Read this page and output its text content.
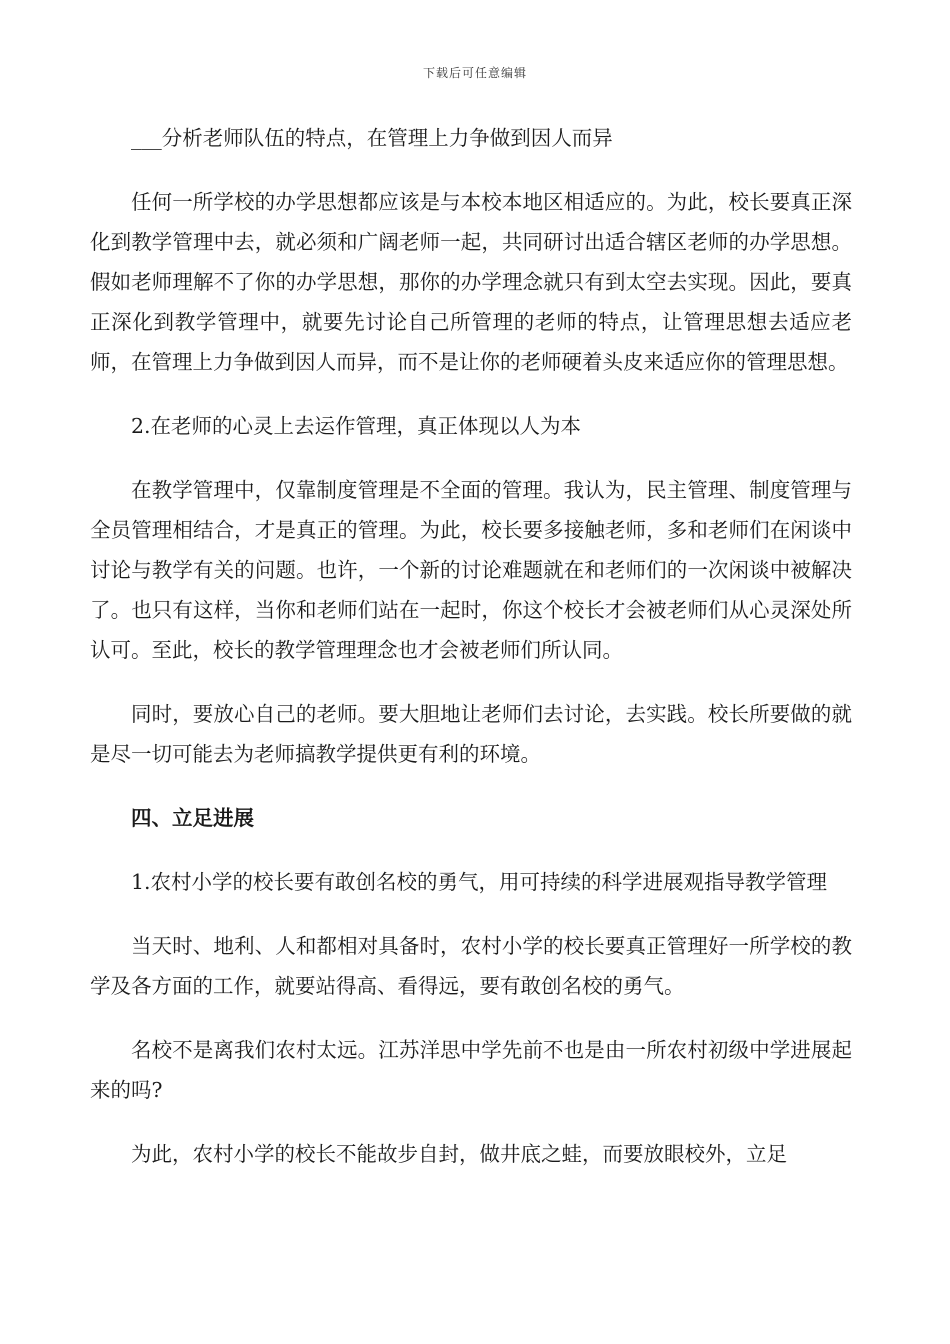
下载后可任意编辑

___分析老师队伍的特点，在管理上力争做到因人而异

任何一所学校的办学思想都应该是与本校本地区相适应的。为此，校长要真正深化到教学管理中去，就必须和广阔老师一起，共同研讨出适合辖区老师的办学思想。假如老师理解不了你的办学思想，那你的办学理念就只有到太空去实现。因此，要真正深化到教学管理中，就要先讨论自己所管理的老师的特点，让管理思想去适应老师，在管理上力争做到因人而异，而不是让你的老师硬着头皮来适应你的管理思想。

2.在老师的心灵上去运作管理，真正体现以人为本

在教学管理中，仅靠制度管理是不全面的管理。我认为，民主管理、制度管理与全员管理相结合，才是真正的管理。为此，校长要多接触老师，多和老师们在闲谈中讨论与教学有关的问题。也许，一个新的讨论难题就在和老师们的一次闲谈中被解决了。也只有这样，当你和老师们站在一起时，你这个校长才会被老师们从心灵深处所认可。至此，校长的教学管理理念也才会被老师们所认同。

同时，要放心自己的老师。要大胆地让老师们去讨论，去实践。校长所要做的就是尽一切可能去为老师搞教学提供更有利的环境。

四、立足进展

1.农村小学的校长要有敢创名校的勇气，用可持续的科学进展观指导教学管理

当天时、地利、人和都相对具备时，农村小学的校长要真正管理好一所学校的教学及各方面的工作，就要站得高、看得远，要有敢创名校的勇气。

名校不是离我们农村太远。江苏洋思中学先前不也是由一所农村初级中学进展起来的吗?

为此，农村小学的校长不能故步自封，做井底之蛙，而要放眼校外，立足
